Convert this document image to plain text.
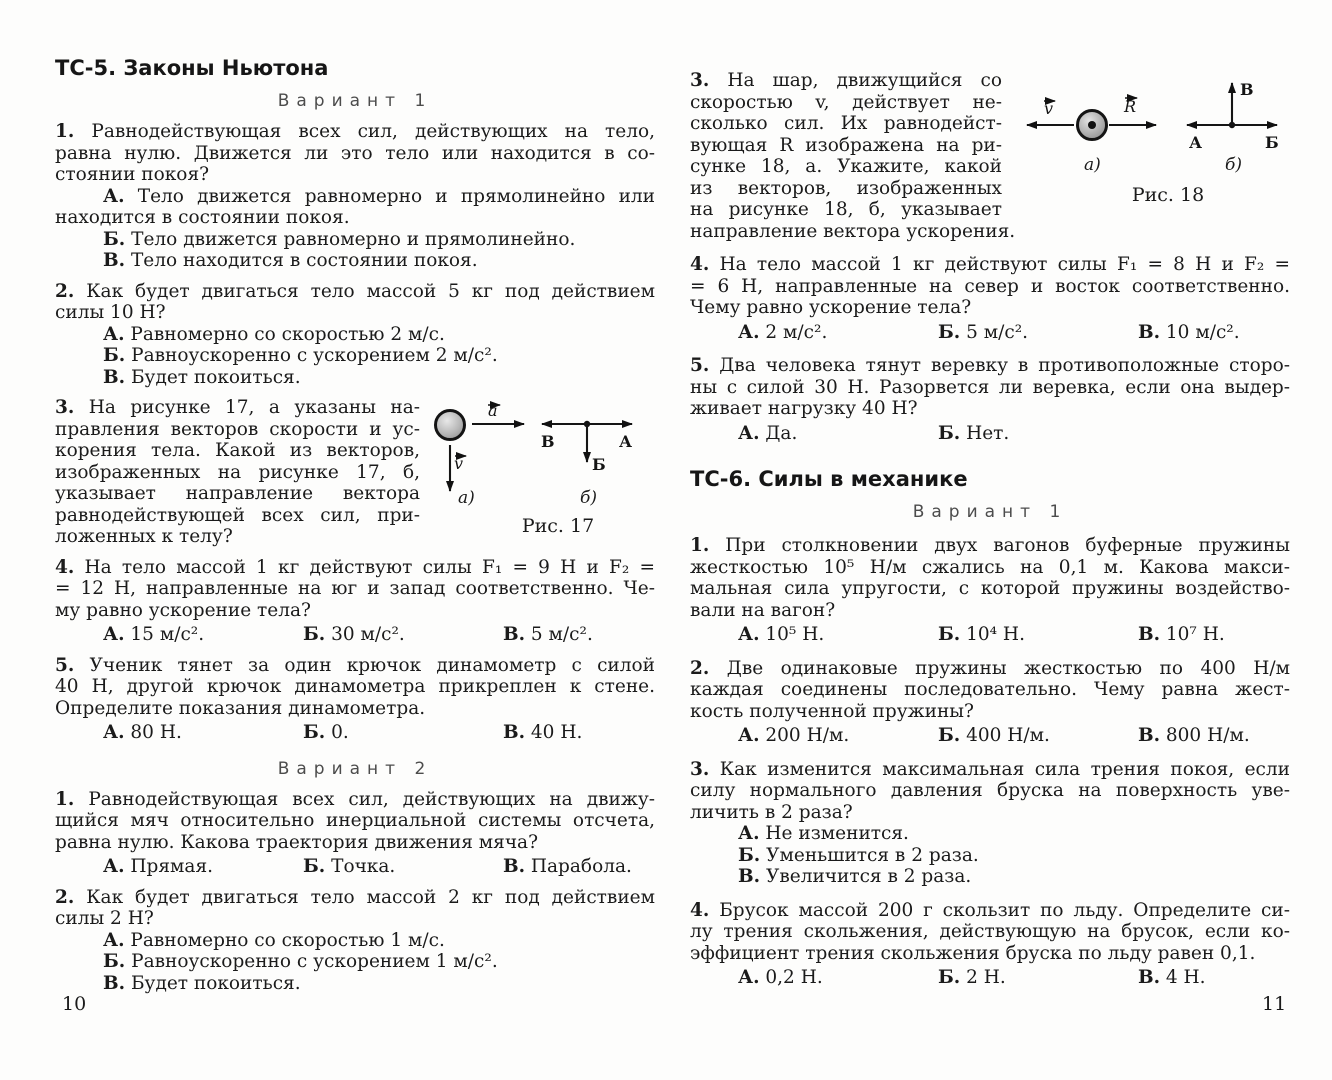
ТС-5. Законы Ньютона
Вариант 1
1. Равнодействующая всех сил, действующих на тело,
равна нулю. Движется ли это тело или находится в со-
стоянии покоя?
А. Тело движется равномерно и прямолинейно или
находится в состоянии покоя.
Б. Тело движется равномерно и прямолинейно.
В. Тело находится в состоянии покоя.
2. Как будет двигаться тело массой 5 кг под действием
силы 10 Н?
А. Равномерно со скоростью 2 м/с.
Б. Равноускоренно с ускорением 2 м/с².
В. Будет покоиться.
a
v
В	А
Б
а)	б)
Рис. 17
3. На рисунке 17, а указаны на-
правления векторов скорости и ус-
корения тела. Какой из векторов,
изображенных на рисунке 17, б,
указывает направление вектора
равнодействующей всех сил, при-
ложенных к телу?
4. На тело массой 1 кг действуют силы F₁ = 9 Н и F₂ =
= 12 Н, направленные на юг и запад соответственно. Че-
му равно ускорение тела?
А. 15 м/с².	Б. 30 м/с².	В. 5 м/с².
5. Ученик тянет за один крючок динамометр с силой
40 Н, другой крючок динамометра прикреплен к стене.
Определите показания динамометра.
А. 80 Н.	Б. 0.	В. 40 Н.
Вариант 2
1. Равнодействующая всех сил, действующих на движу-
щийся мяч относительно инерциальной системы отсчета,
равна нулю. Какова траектория движения мяча?
А. Прямая.	Б. Точка.	В. Парабола.
2. Как будет двигаться тело массой 2 кг под действием
силы 2 Н?
А. Равномерно со скоростью 1 м/с.
Б. Равноускоренно с ускорением 1 м/с².
В. Будет покоиться.
v	R
В
А	Б
а)	б)
Рис. 18
3. На шар, движущийся со
скоростью v, действует не-
сколько сил. Их равнодейст-
вующая R изображена на ри-
сунке 18, а. Укажите, какой
из векторов, изображенных
на рисунке 18, б, указывает
направление вектора ускорения.
4. На тело массой 1 кг действуют силы F₁ = 8 Н и F₂ =
= 6 Н, направленные на север и восток соответственно.
Чему равно ускорение тела?
А. 2 м/с².	Б. 5 м/с².	В. 10 м/с².
5. Два человека тянут веревку в противоположные сторо-
ны с силой 30 Н. Разорвется ли веревка, если она выдер-
живает нагрузку 40 Н?
А. Да.	Б. Нет.
ТС-6. Силы в механике
Вариант 1
1. При столкновении двух вагонов буферные пружины
жесткостью 10⁵ Н/м сжались на 0,1 м. Какова макси-
мальная сила упругости, с которой пружины воздейство-
вали на вагон?
А. 10⁵ Н.	Б. 10⁴ Н.	В. 10⁷ Н.
2. Две одинаковые пружины жесткостью по 400 Н/м
каждая соединены последовательно. Чему равна жест-
кость полученной пружины?
А. 200 Н/м.	Б. 400 Н/м.	В. 800 Н/м.
3. Как изменится максимальная сила трения покоя, если
силу нормального давления бруска на поверхность уве-
личить в 2 раза?
А. Не изменится.
Б. Уменьшится в 2 раза.
В. Увеличится в 2 раза.
4. Брусок массой 200 г скользит по льду. Определите си-
лу трения скольжения, действующую на брусок, если ко-
эффициент трения скольжения бруска по льду равен 0,1.
А. 0,2 Н.	Б. 2 Н.	В. 4 Н.
10	11
